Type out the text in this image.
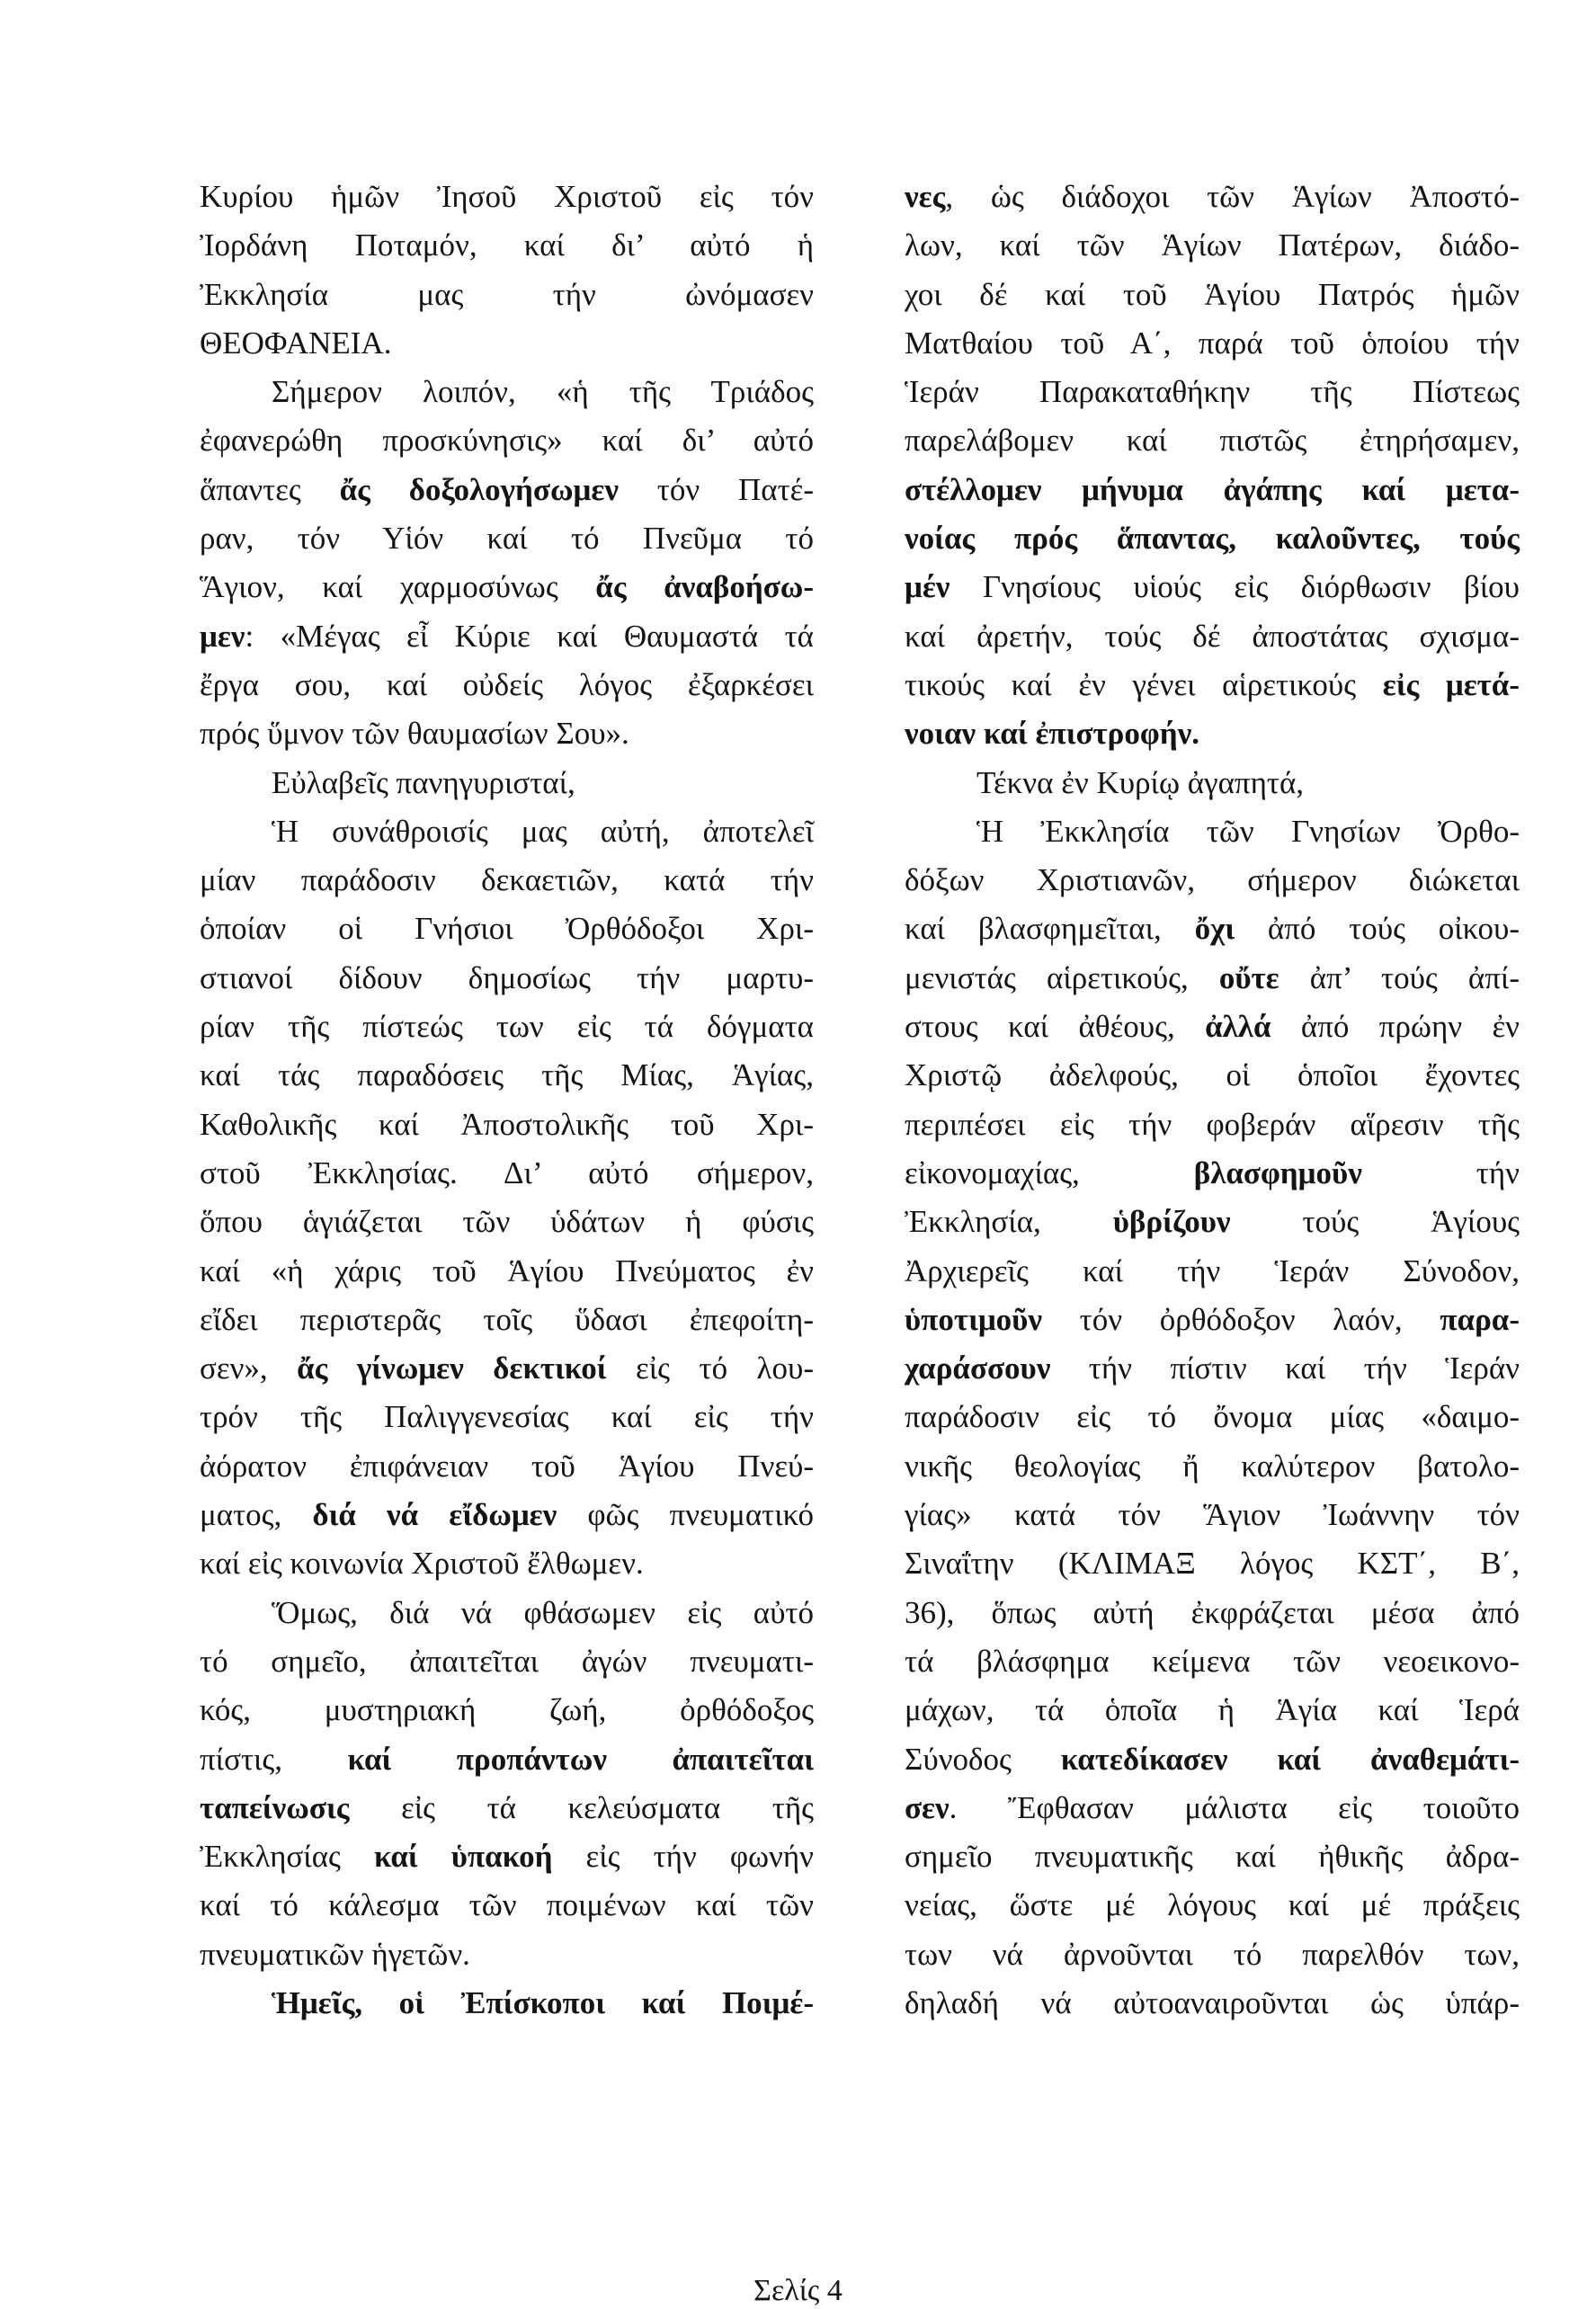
Κυρίου ἡμῶν Ἰησοῦ Χριστοῦ εἰς τόν
Ἰορδάνη Ποταμόν, καί δι’ αὐτό ἡ
Ἐκκλησία μας τήν ὠνόμασεν
ΘΕΟΦΑΝΕΙΑ.
Σήμερον λοιπόν, «ἡ τῆς Τριάδος
ἐφανερώθη προσκύνησις» καί δι’ αὐτό
ἅπαντες ἄς δοξολογήσωμεν τόν Πατέ-
ραν, τόν Υἱόν καί τό Πνεῦμα τό
Ἅγιον, καί χαρμοσύνως ἄς ἀναβοήσω-
μεν: «Μέγας εἶ Κύριε καί Θαυμαστά τά
ἔργα σου, καί οὐδείς λόγος ἐξαρκέσει
πρός ὕμνον τῶν θαυμασίων Σου».
Εὐλαβεῖς πανηγυρισταί,
Ἡ συνάθροισίς μας αὐτή, ἀποτελεῖ
μίαν παράδοσιν δεκαετιῶν, κατά τήν
ὁποίαν οἱ Γνήσιοι Ὀρθόδοξοι Χρι-
στιανοί δίδουν δημοσίως τήν μαρτυ-
ρίαν τῆς πίστεώς των εἰς τά δόγματα
καί τάς παραδόσεις τῆς Μίας, Ἁγίας,
Καθολικῆς καί Ἀποστολικῆς τοῦ Χρι-
στοῦ Ἐκκλησίας. Δι’ αὐτό σήμερον,
ὅπου ἁγιάζεται τῶν ὑδάτων ἡ φύσις
καί «ἡ χάρις τοῦ Ἁγίου Πνεύματος ἐν
εἴδει περιστερᾶς τοῖς ὕδασι ἐπεφοίτη-
σεν», ἄς γίνωμεν δεκτικοί εἰς τό λου-
τρόν τῆς Παλιγγενεσίας καί εἰς τήν
ἀόρατον ἐπιφάνειαν τοῦ Ἁγίου Πνεύ-
ματος, διά νά εἴδωμεν φῶς πνευματικό
καί εἰς κοινωνία Χριστοῦ ἔλθωμεν.
Ὅμως, διά νά φθάσωμεν εἰς αὐτό
τό σημεῖο, ἀπαιτεῖται ἀγών πνευματι-
κός, μυστηριακή ζωή, ὀρθόδοξος
πίστις, καί προπάντων ἀπαιτεῖται
ταπείνωσις εἰς τά κελεύσματα τῆς
Ἐκκλησίας καί ὑπακοή εἰς τήν φωνήν
καί τό κάλεσμα τῶν ποιμένων καί τῶν
πνευματικῶν ἡγετῶν.
Ἡμεῖς, οἱ Ἐπίσκοποι καί Ποιμέ-
νες, ὡς διάδοχοι τῶν Ἁγίων Ἀποστό-
λων, καί τῶν Ἁγίων Πατέρων, διάδο-
χοι δέ καί τοῦ Ἁγίου Πατρός ἡμῶν
Ματθαίου τοῦ Α΄, παρά τοῦ ὁποίου τήν
Ἱεράν Παρακαταθήκην τῆς Πίστεως
παρελάβομεν καί πιστῶς ἐτηρήσαμεν,
στέλλομεν μήνυμα ἀγάπης καί μετα-
νοίας πρός ἅπαντας, καλοῦντες, τούς
μέν Γνησίους υἱούς εἰς διόρθωσιν βίου
καί ἀρετήν, τούς δέ ἀποστάτας σχισμα-
τικούς καί ἐν γένει αἱρετικούς εἰς μετά-
νοιαν καί ἐπιστροφήν.
Τέκνα ἐν Κυρίῳ ἀγαπητά,
Ἡ Ἐκκλησία τῶν Γνησίων Ὀρθο-
δόξων Χριστιανῶν, σήμερον διώκεται
καί βλασφημεῖται, ὄχι ἀπό τούς οἰκου-
μενιστάς αἱρετικούς, οὔτε ἀπ’ τούς ἀπί-
στους καί ἀθέους, ἀλλά ἀπό πρώην ἐν
Χριστῷ ἀδελφούς, οἱ ὁποῖοι ἔχοντες
περιπέσει εἰς τήν φοβεράν αἵρεσιν τῆς
εἰκονομαχίας, βλασφημοῦν τήν
Ἐκκλησία, ὑβρίζουν τούς Ἁγίους
Ἀρχιερεῖς καί τήν Ἱεράν Σύνοδον,
ὑποτιμοῦν τόν ὀρθόδοξον λαόν, παρα-
χαράσσουν τήν πίστιν καί τήν Ἱεράν
παράδοσιν εἰς τό ὄνομα μίας «δαιμο-
νικῆς θεολογίας ἤ καλύτερον βατολο-
γίας» κατά τόν Ἅγιον Ἰωάννην τόν
Σιναΐτην (ΚΛΙΜΑΞ λόγος ΚΣΤ΄, Β΄,
36), ὅπως αὐτή ἐκφράζεται μέσα ἀπό
τά βλάσφημα κείμενα τῶν νεοεικονο-
μάχων, τά ὁποῖα ἡ Ἁγία καί Ἱερά
Σύνοδος κατεδίκασεν καί ἀναθεμάτι-
σεν. Ἔφθασαν μάλιστα εἰς τοιοῦτο
σημεῖο πνευματικῆς καί ἠθικῆς ἀδρα-
νείας, ὥστε μέ λόγους καί μέ πράξεις
των νά ἀρνοῦνται τό παρελθόν των,
δηλαδή νά αὐτοαναιροῦνται ὡς ὑπάρ-
Σελίς 4
